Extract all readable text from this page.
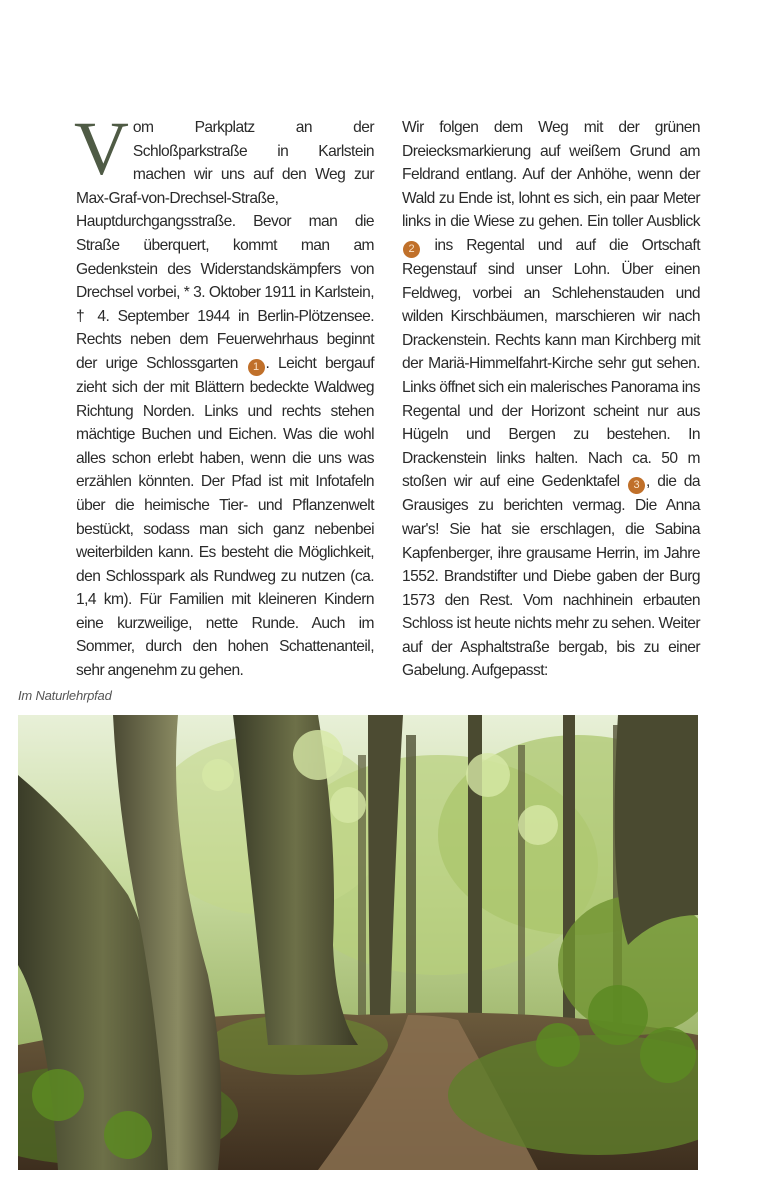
Vom Parkplatz an der Schloßparkstraße in Karlstein machen wir uns auf den Weg zur Max-Graf-von-Drechsel-Straße, Hauptdurchgangsstraße. Bevor man die Straße überquert, kommt man am Gedenkstein des Widerstandskämpfers von Drechsel vorbei, * 3. Oktober 1911 in Karlstein, † 4. September 1944 in Berlin-Plötzensee. Rechts neben dem Feuerwehrhaus beginnt der urige Schlossgarten 1 . Leicht bergauf zieht sich der mit Blättern bedeckte Waldweg Richtung Norden. Links und rechts stehen mächtige Buchen und Eichen. Was die wohl alles schon erlebt haben, wenn die uns was erzählen könnten. Der Pfad ist mit Infotafeln über die heimische Tier- und Pflanzenwelt bestückt, sodass man sich ganz nebenbei weiterbilden kann. Es besteht die Möglichkeit, den Schlosspark als Rundweg zu nutzen (ca. 1,4 km). Für Familien mit kleineren Kindern eine kurzweilige, nette Runde. Auch im Sommer, durch den hohen Schattenanteil, sehr angenehm zu gehen.
Wir folgen dem Weg mit der grünen Dreiecksmarkierung auf weißem Grund am Feldrand entlang. Auf der Anhöhe, wenn der Wald zu Ende ist, lohnt es sich, ein paar Meter links in die Wiese zu gehen. Ein toller Ausblick 2 ins Regental und auf die Ortschaft Regenstauf sind unser Lohn. Über einen Feldweg, vorbei an Schlehenstauden und wilden Kirschbäumen, marschieren wir nach Drackenstein. Rechts kann man Kirchberg mit der Mariä-Himmelfahrt-Kirche sehr gut sehen. Links öffnet sich ein malerisches Panorama ins Regental und der Horizont scheint nur aus Hügeln und Bergen zu bestehen. In Drackenstein links halten. Nach ca. 50 m stoßen wir auf eine Gedenktafel 3 , die da Grausiges zu berichten vermag. Die Anna war's! Sie hat sie erschlagen, die Sabina Kapfenberger, ihre grausame Herrin, im Jahre 1552. Brandstifter und Diebe gaben der Burg 1573 den Rest. Vom nachhinein erbauten Schloss ist heute nichts mehr zu sehen. Weiter auf der Asphaltstraße bergab, bis zu einer Gabelung. Aufgepasst:
Im Naturlehrpfad
